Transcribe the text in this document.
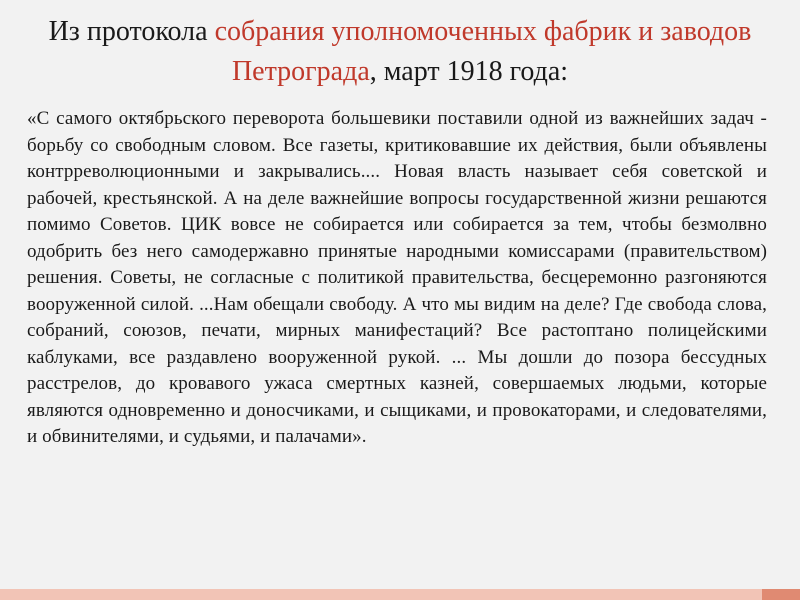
Из протокола собрания уполномоченных фабрик и заводов Петрограда, март 1918 года:

«С самого октябрьского переворота большевики поставили одной из важнейших задач - борьбу со свободным словом. Все газеты, критиковавшие их действия, были объявлены контрреволюционными и закрывались.... Новая власть называет себя советской и рабочей, крестьянской. А на деле важнейшие вопросы государственной жизни решаются помимо Советов. ЦИК вовсе не собирается или собирается за тем, чтобы безмолвно одобрить без него самодержавно принятые народными комиссарами (правительством) решения. Советы, не согласные с политикой правительства, бесцеремонно разгоняются вооруженной силой. ...Нам обещали свободу. А что мы видим на деле? Где свобода слова, собраний, союзов, печати, мирных манифестаций? Все растоптано полицейскими каблуками, все раздавлено вооруженной рукой. ... Мы дошли до позора бессудных расстрелов, до кровавого ужаса смертных казней, совершаемых людьми, которые являются одновременно и доносчиками, и сыщиками, и провокаторами, и следователями, и обвинителями, и судьями, и палачами».
